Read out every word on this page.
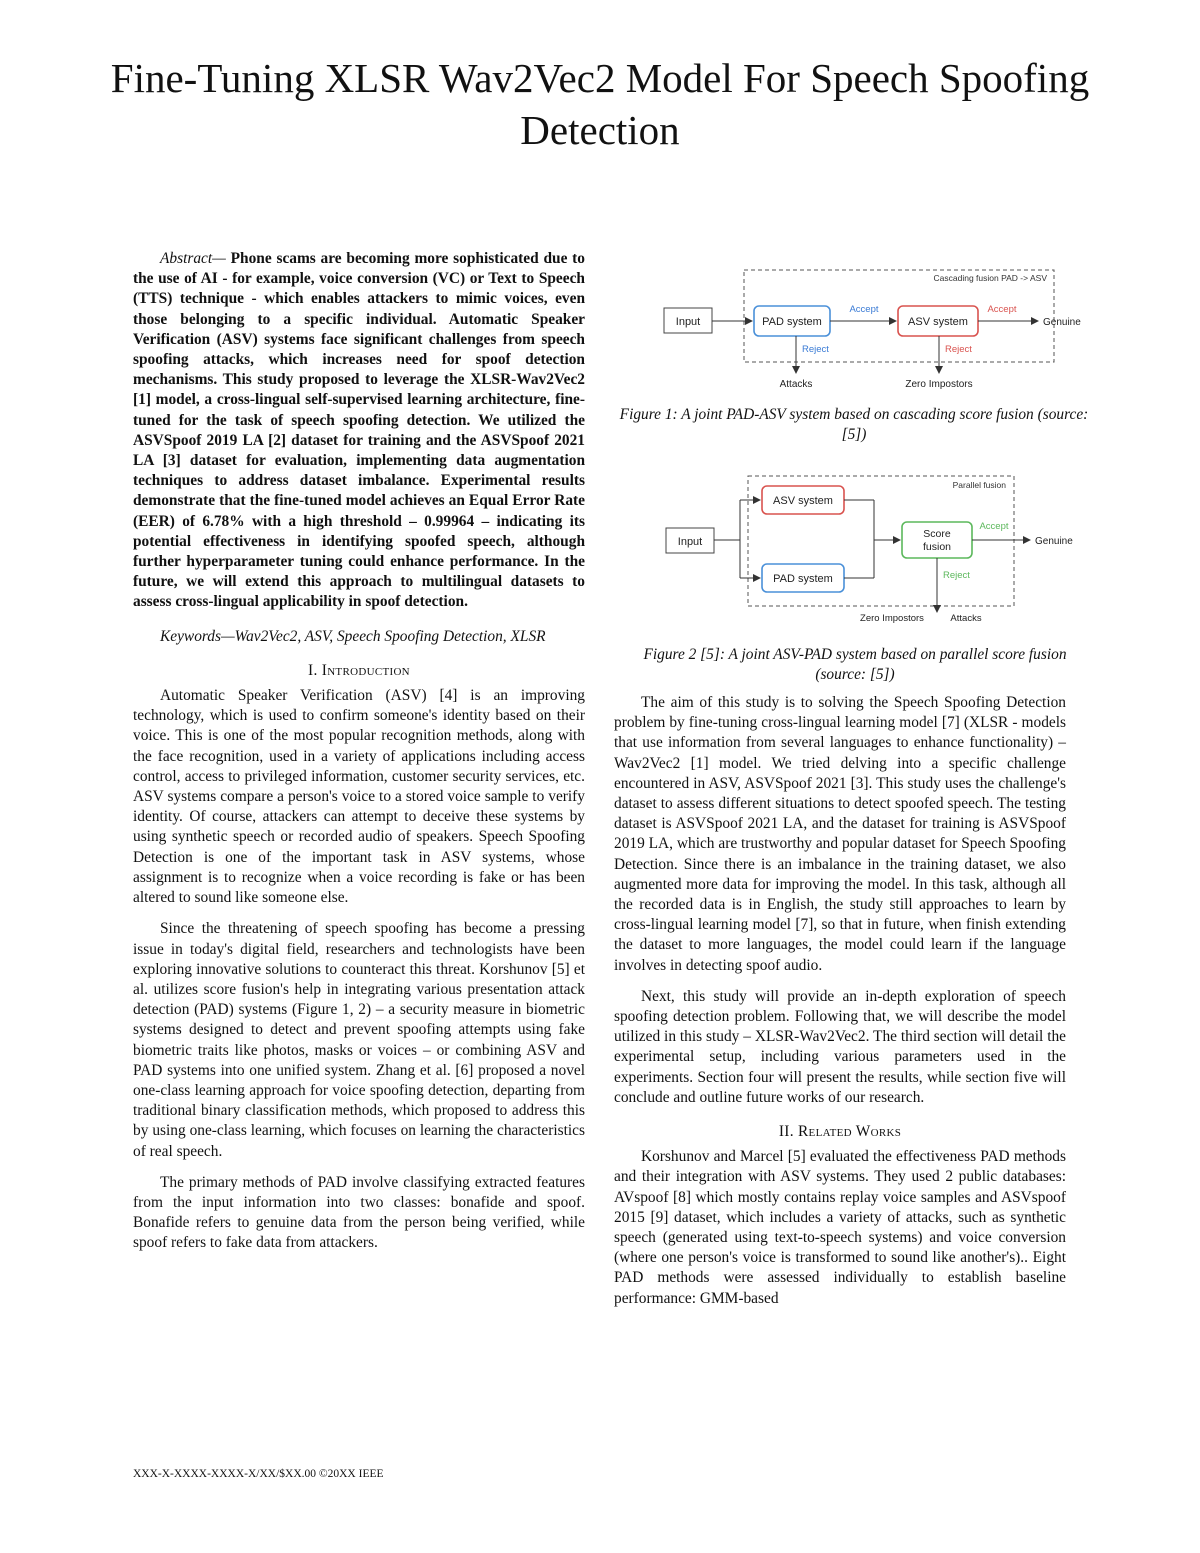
Fine-Tuning XLSR Wav2Vec2 Model For Speech Spoofing Detection

Abstract— Phone scams are becoming more sophisticated due to the use of AI - for example, voice conversion (VC) or Text to Speech (TTS) technique - which enables attackers to mimic voices, even those belonging to a specific individual. Automatic Speaker Verification (ASV) systems face significant challenges from speech spoofing attacks, which increases need for spoof detection mechanisms. This study proposed to leverage the XLSR-Wav2Vec2 [1] model, a cross-lingual self-supervised learning architecture, fine-tuned for the task of speech spoofing detection. We utilized the ASVSpoof 2019 LA [2] dataset for training and the ASVSpoof 2021 LA [3] dataset for evaluation, implementing data augmentation techniques to address dataset imbalance. Experimental results demonstrate that the fine-tuned model achieves an Equal Error Rate (EER) of 6.78% with a high threshold – 0.99964 – indicating its potential effectiveness in identifying spoofed speech, although further hyperparameter tuning could enhance performance. In the future, we will extend this approach to multilingual datasets to assess cross-lingual applicability in spoof detection.

Keywords—Wav2Vec2, ASV, Speech Spoofing Detection, XLSR

I. Introduction

Automatic Speaker Verification (ASV) [4] is an improving technology, which is used to confirm someone's identity based on their voice. This is one of the most popular recognition methods, along with the face recognition, used in a variety of applications including access control, access to privileged information, customer security services, etc. ASV systems compare a person's voice to a stored voice sample to verify identity. Of course, attackers can attempt to deceive these systems by using synthetic speech or recorded audio of speakers. Speech Spoofing Detection is one of the important task in ASV systems, whose assignment is to recognize when a voice recording is fake or has been altered to sound like someone else.

Since the threatening of speech spoofing has become a pressing issue in today's digital field, researchers and technologists have been exploring innovative solutions to counteract this threat. Korshunov [5] et al. utilizes score fusion's help in integrating various presentation attack detection (PAD) systems (Figure 1, 2) – a security measure in biometric systems designed to detect and prevent spoofing attempts using fake biometric traits like photos, masks or voices – or combining ASV and PAD systems into one unified system. Zhang et al. [6] proposed a novel one-class learning approach for voice spoofing detection, departing from traditional binary classification methods, which proposed to address this by using one-class learning, which focuses on learning the characteristics of real speech.

The primary methods of PAD involve classifying extracted features from the input information into two classes: bonafide and spoof. Bonafide refers to genuine data from the person being verified, while spoof refers to fake data from attackers.

Cascading fusion PAD -> ASV
Input	PAD system
Accept
ASV system
Accept
Genuine
Reject	Reject
Attacks	Zero Impostors
Figure 1: A joint PAD-ASV system based on cascading score fusion (source: [5])
Parallel fusion
Input
ASV system
PAD system
Score
fusion
Accept
Genuine
Reject
Zero Impostors	Attacks
Figure 2 [5]: A joint ASV-PAD system based on parallel score fusion (source: [5])

The aim of this study is to solving the Speech Spoofing Detection problem by fine-tuning cross-lingual learning model [7] (XLSR - models that use information from several languages to enhance functionality) – Wav2Vec2 [1] model. We tried delving into a specific challenge encountered in ASV, ASVSpoof 2021 [3]. This study uses the challenge's dataset to assess different situations to detect spoofed speech. The testing dataset is ASVSpoof 2021 LA, and the dataset for training is ASVSpoof 2019 LA, which are trustworthy and popular dataset for Speech Spoofing Detection. Since there is an imbalance in the training dataset, we also augmented more data for improving the model. In this task, although all the recorded data is in English, the study still approaches to learn by cross-lingual learning model [7], so that in future, when finish extending the dataset to more languages, the model could learn if the language involves in detecting spoof audio.

Next, this study will provide an in-depth exploration of speech spoofing detection problem. Following that, we will describe the model utilized in this study – XLSR-Wav2Vec2. The third section will detail the experimental setup, including various parameters used in the experiments. Section four will present the results, while section five will conclude and outline future works of our research.

II. Related Works

Korshunov and Marcel [5] evaluated the effectiveness PAD methods and their integration with ASV systems. They used 2 public databases: AVspoof [8] which mostly contains replay voice samples and ASVspoof 2015 [9] dataset, which includes a variety of attacks, such as synthetic speech (generated using text-to-speech systems) and voice conversion (where one person's voice is transformed to sound like another's).. Eight PAD methods were assessed individually to establish baseline performance: GMM-based

XXX-X-XXXX-XXXX-X/XX/$XX.00 ©20XX IEEE
